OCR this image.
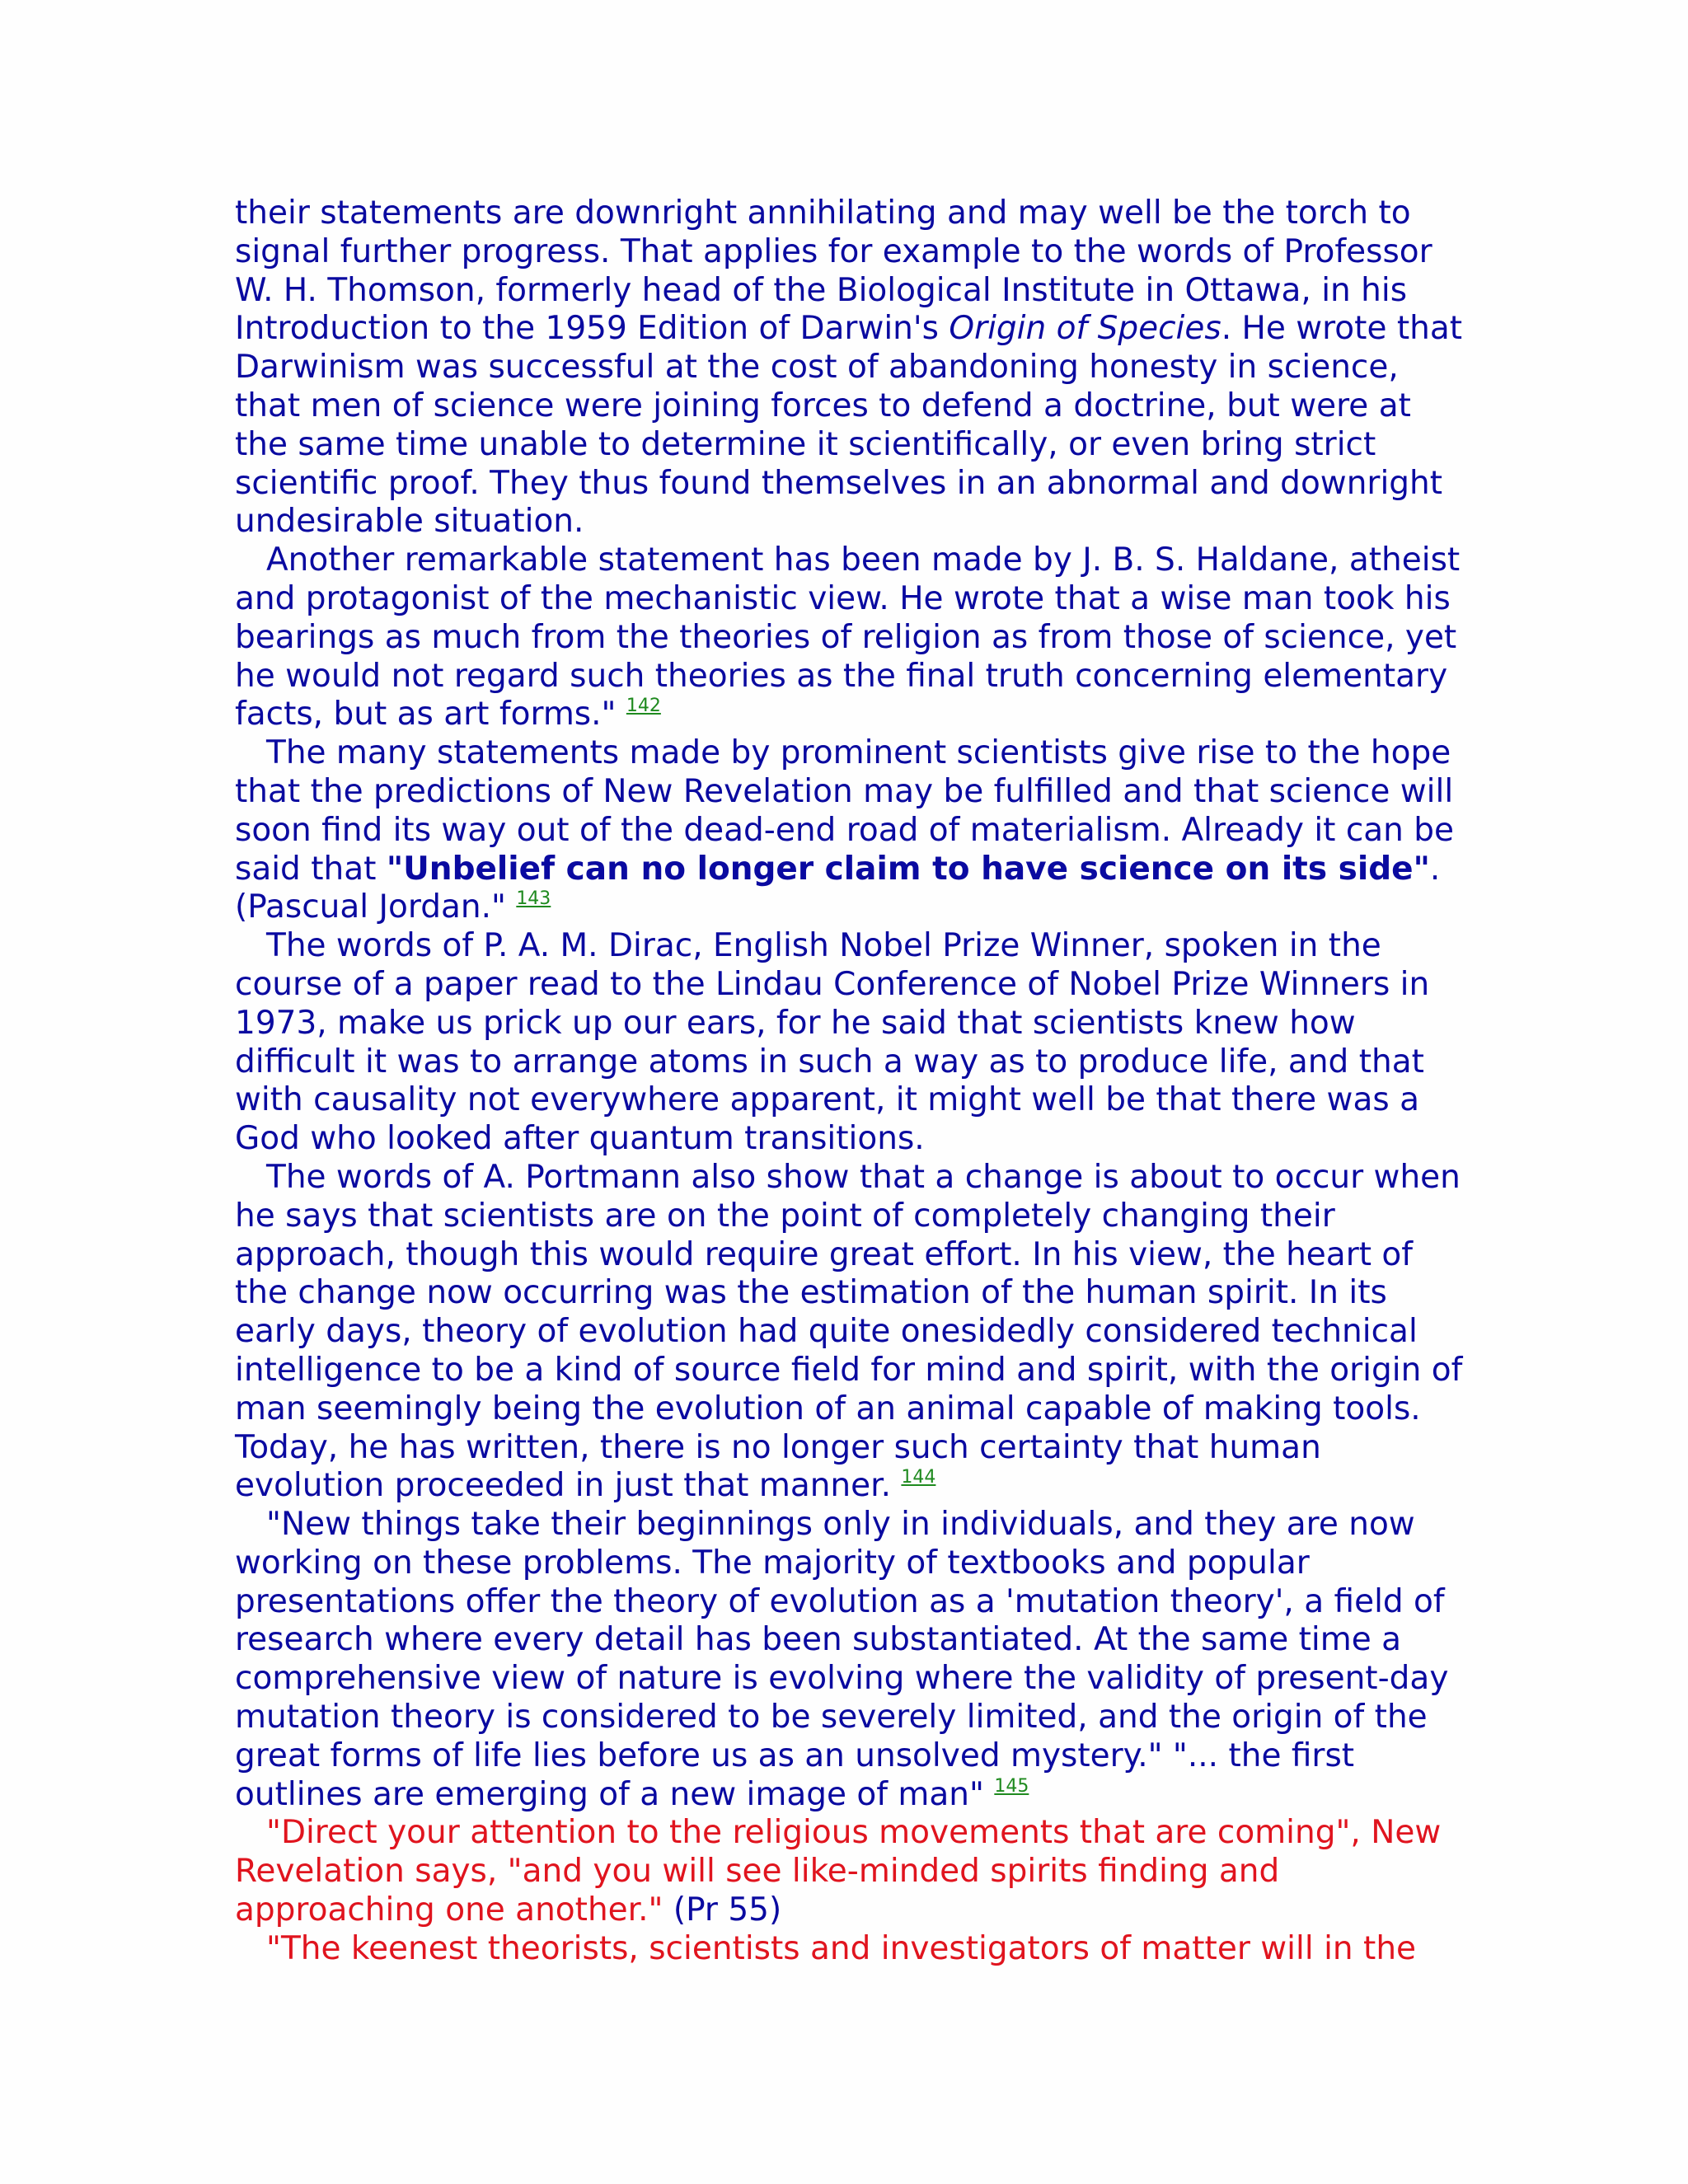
their statements are downright annihilating and may well be the torch to signal further progress. That applies for example to the words of Professor W. H. Thomson, formerly head of the Biological Institute in Ottawa, in his Introduction to the 1959 Edition of Darwin's Origin of Species. He wrote that Darwinism was successful at the cost of abandoning honesty in science, that men of science were joining forces to defend a doctrine, but were at the same time unable to determine it scientifically, or even bring strict scientific proof. They thus found themselves in an abnormal and downright undesirable situation.

Another remarkable statement has been made by J. B. S. Haldane, atheist and protagonist of the mechanistic view. He wrote that a wise man took his bearings as much from the theories of religion as from those of science, yet he would not regard such theories as the final truth concerning elementary facts, but as art forms." $^{142}$

The many statements made by prominent scientists give rise to the hope that the predictions of New Revelation may be fulfilled and that science will soon find its way out of the dead-end road of materialism. Already it can be said that "Unbelief can no longer claim to have science on its side". (Pascual Jordan." $^{143}$

The words of P. A. M. Dirac, English Nobel Prize Winner, spoken in the course of a paper read to the Lindau Conference of Nobel Prize Winners in 1973, make us prick up our ears, for he said that scientists knew how difficult it was to arrange atoms in such a way as to produce life, and that with causality not everywhere apparent, it might well be that there was a God who looked after quantum transitions.

The words of A. Portmann also show that a change is about to occur when he says that scientists are on the point of completely changing their approach, though this would require great effort. In his view, the heart of the change now occurring was the estimation of the human spirit. In its early days, theory of evolution had quite onesidedly considered technical intelligence to be a kind of source field for mind and spirit, with the origin of man seemingly being the evolution of an animal capable of making tools. Today, he has written, there is no longer such certainty that human evolution proceeded in just that manner. $^{144}$

"New things take their beginnings only in individuals, and they are now working on these problems. The majority of textbooks and popular presentations offer the theory of evolution as a 'mutation theory', a field of research where every detail has been substantiated. At the same time a comprehensive view of nature is evolving where the validity of present-day mutation theory is considered to be severely limited, and the origin of the great forms of life lies before us as an unsolved mystery." "... the first outlines are emerging of a new image of man" $^{145}$

"Direct your attention to the religious movements that are coming", New Revelation says, "and you will see like-minded spirits finding and approaching one another." (Pr 55)

"The keenest theorists, scientists and investigators of matter will in the
